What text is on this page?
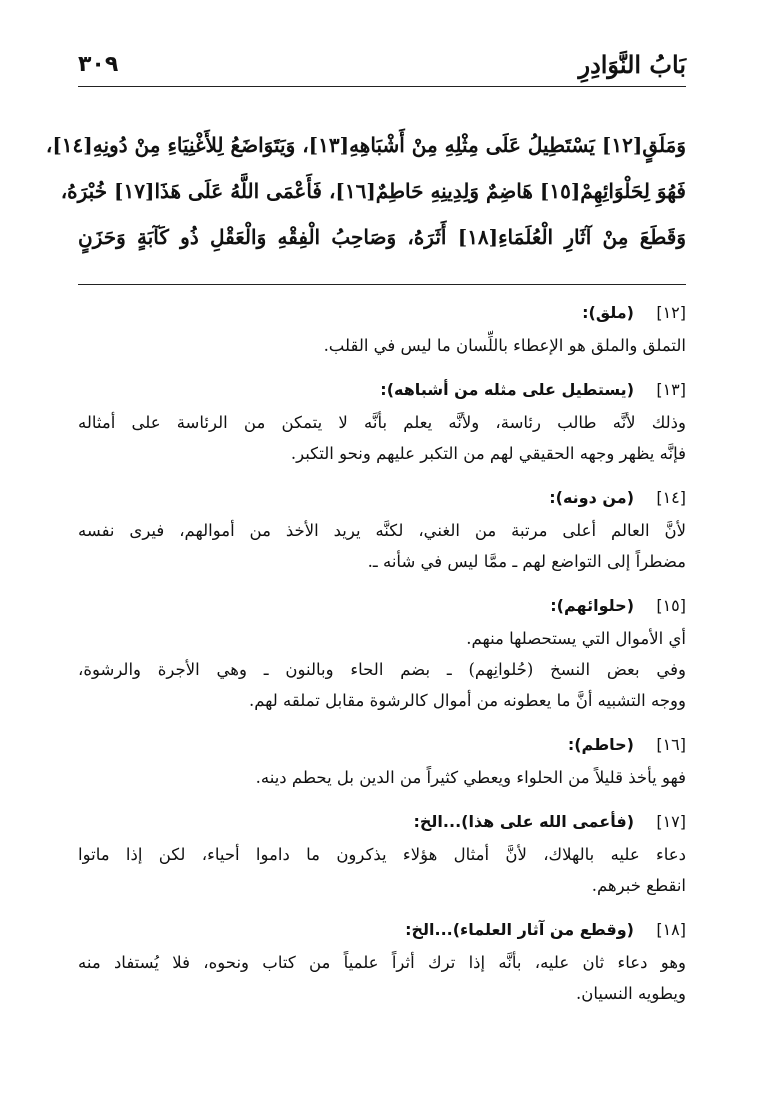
٣٠٩	بَابُ النَّوَادِرِ
وَمَلَقٍ[١٢] يَسْتَطِيلُ عَلَى مِثْلِهِ مِنْ أَشْبَاهِهِ[١٣]، وَيَتَوَاضَعُ لِلأَغْنِيَاءِ مِنْ دُونِهِ[١٤]،
فَهُوَ لِحَلْوَائِهِمْ[١٥] هَاضِمٌ وَلِدِينِهِ حَاطِمٌ[١٦]، فَأَعْمَى اللَّهُ عَلَى هَذَا[١٧] خُبْرَهُ،
وَقَطَعَ مِنْ آثَارِ الْعُلَمَاءِ[١٨] أَثَرَهُ، وَصَاحِبُ الْفِقْهِ وَالْعَقْلِ ذُو كَآبَةٍ وَحَزَنٍ
[١٢](ملق):
التملق والملق هو الإعطاء باللِّسان ما ليس في القلب.
[١٣](يستطيل على مثله من أشباهه):
وذلك لأنَّه طالب رئاسة، ولأنَّه يعلم بأنَّه لا يتمكن من الرئاسة على أمثاله
فإنَّه يظهر وجهه الحقيقي لهم من التكبر عليهم ونحو التكبر.
[١٤](من دونه):
لأنَّ العالم أعلى مرتبة من الغني، لكنَّه يريد الأخذ من أموالهم، فيرى نفسه
مضطراً إلى التواضع لهم ـ ممَّا ليس في شأنه ـ.
[١٥](حلوائهم):
أي الأموال التي يستحصلها منهم.
وفي بعض النسخ (حُلوانِهم) ـ بضم الحاء وبالنون ـ وهي الأجرة والرشوة،
ووجه التشبيه أنَّ ما يعطونه من أموال كالرشوة مقابل تملقه لهم.
[١٦](حاطم):
فهو يأخذ قليلاً من الحلواء ويعطي كثيراً من الدين بل يحطم دينه.
[١٧](فأعمى الله على هذا)...الخ:
دعاء عليه بالهلاك، لأنَّ أمثال هؤلاء يذكرون ما داموا أحياء، لكن إذا ماتوا
انقطع خبرهم.
[١٨](وقطع من آثار العلماء)...الخ:
وهو دعاء ثان عليه، بأنَّه إذا ترك أثراً علمياً من كتاب ونحوه، فلا يُستفاد منه
ويطويه النسيان.
